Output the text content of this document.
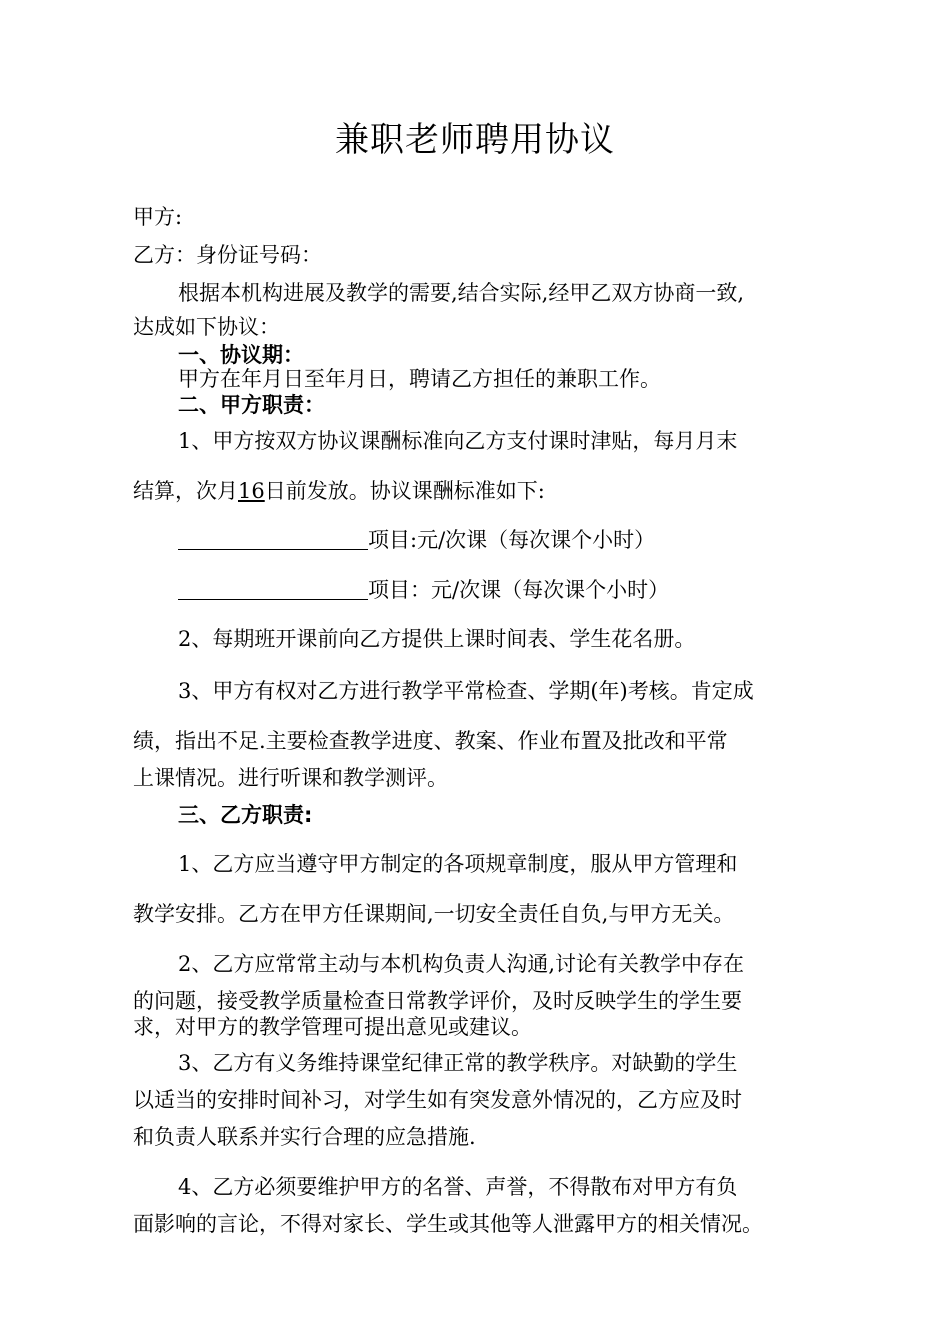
兼职老师聘用协议
甲方:
乙方：身份证号码：
根据本机构进展及教学的需要,结合实际,经甲乙双方协商一致,
达成如下协议：
一、协议期：
甲方在年月日至年月日，聘请乙方担任的兼职工作。
二、甲方职责：
1、甲方按双方协议课酬标准向乙方支付课时津贴，每月月末
结算，次月16日前发放。协议课酬标准如下:
项目:元/次课（每次课个小时）
项目：元/次课（每次课个小时）
2、每期班开课前向乙方提供上课时间表、学生花名册。
3、甲方有权对乙方进行教学平常检查、学期(年)考核。肯定成
绩，指出不足.主要检查教学进度、教案、作业布置及批改和平常
上课情况。进行听课和教学测评。
三、乙方职责:
1、乙方应当遵守甲方制定的各项规章制度，服从甲方管理和
教学安排。乙方在甲方任课期间,一切安全责任自负,与甲方无关。
2、乙方应常常主动与本机构负责人沟通,讨论有关教学中存在
的问题，接受教学质量检查日常教学评价，及时反映学生的学生要
求，对甲方的教学管理可提出意见或建议。
3、乙方有义务维持课堂纪律正常的教学秩序。对缺勤的学生
以适当的安排时间补习，对学生如有突发意外情况的，乙方应及时
和负责人联系并实行合理的应急措施.
4、乙方必须要维护甲方的名誉、声誉，不得散布对甲方有负
面影响的言论，不得对家长、学生或其他等人泄露甲方的相关情况。
